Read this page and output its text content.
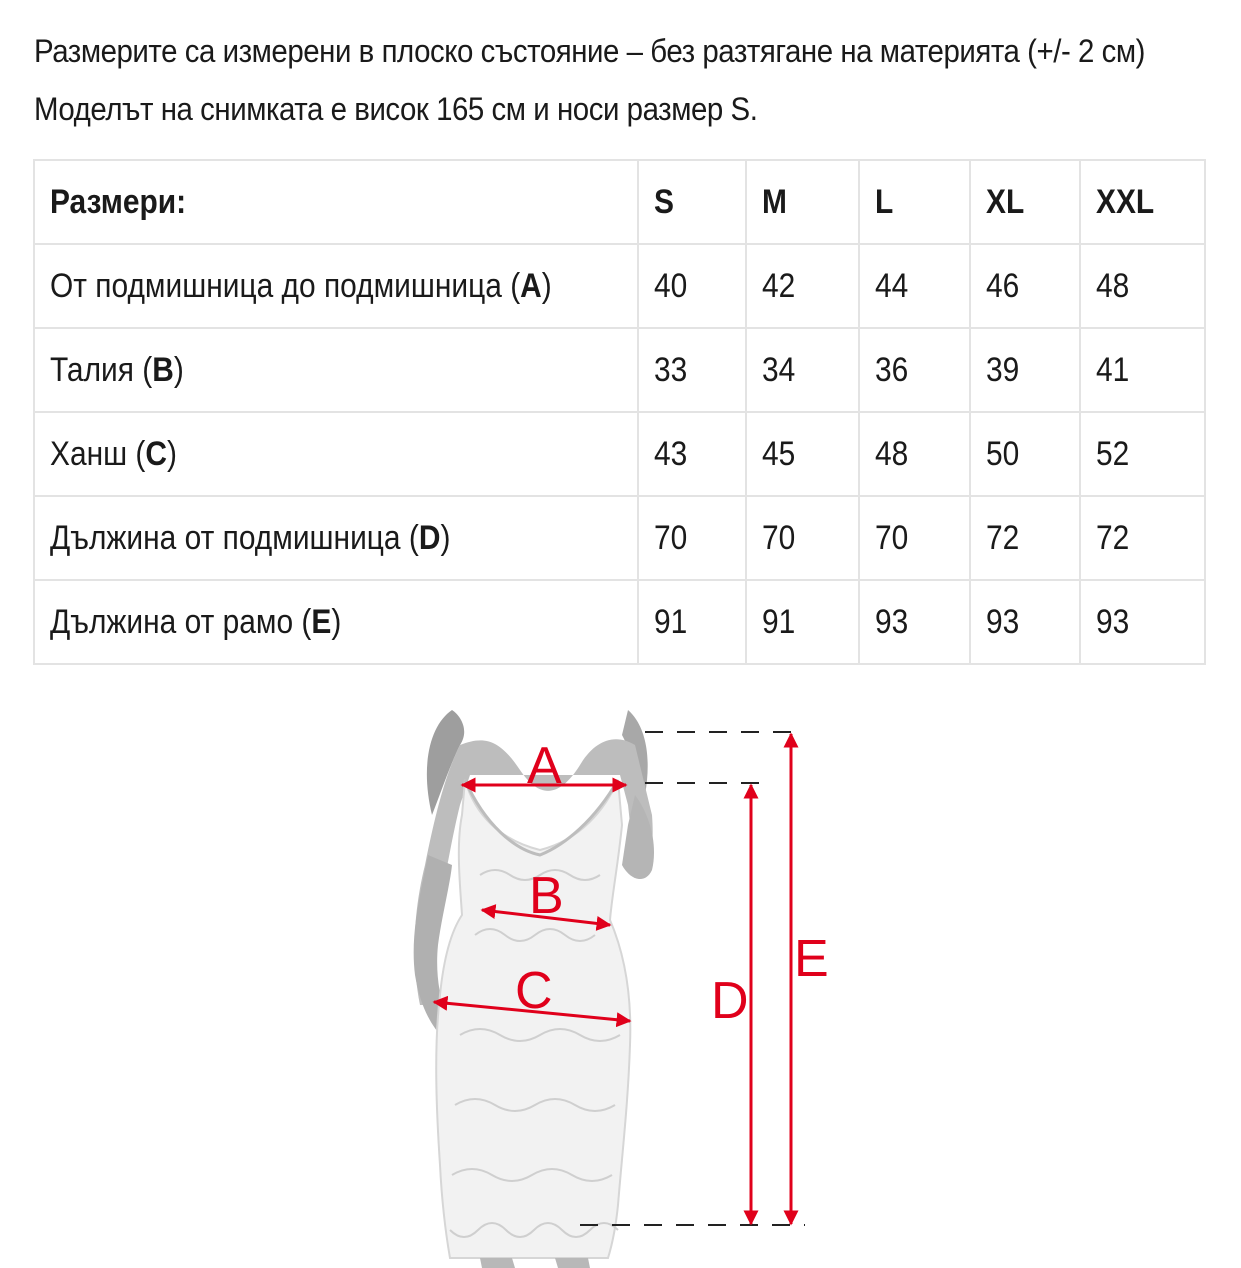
Размерите са измерени в плоско състояние – без разтягане на материята (+/- 2 см)

Моделът на снимката е висок 165 см и носи размер S.

Размери:	S	M	L	XL	XXL
От подмишница до подмишница (A)	40	42	44	46	48
Талия (B)	33	34	36	39	41
Ханш (C)	43	45	48	50	52
Дължина от подмишница (D)	70	70	70	72	72
Дължина от рамо (E)	91	91	93	93	93
A
B
C	D
E
